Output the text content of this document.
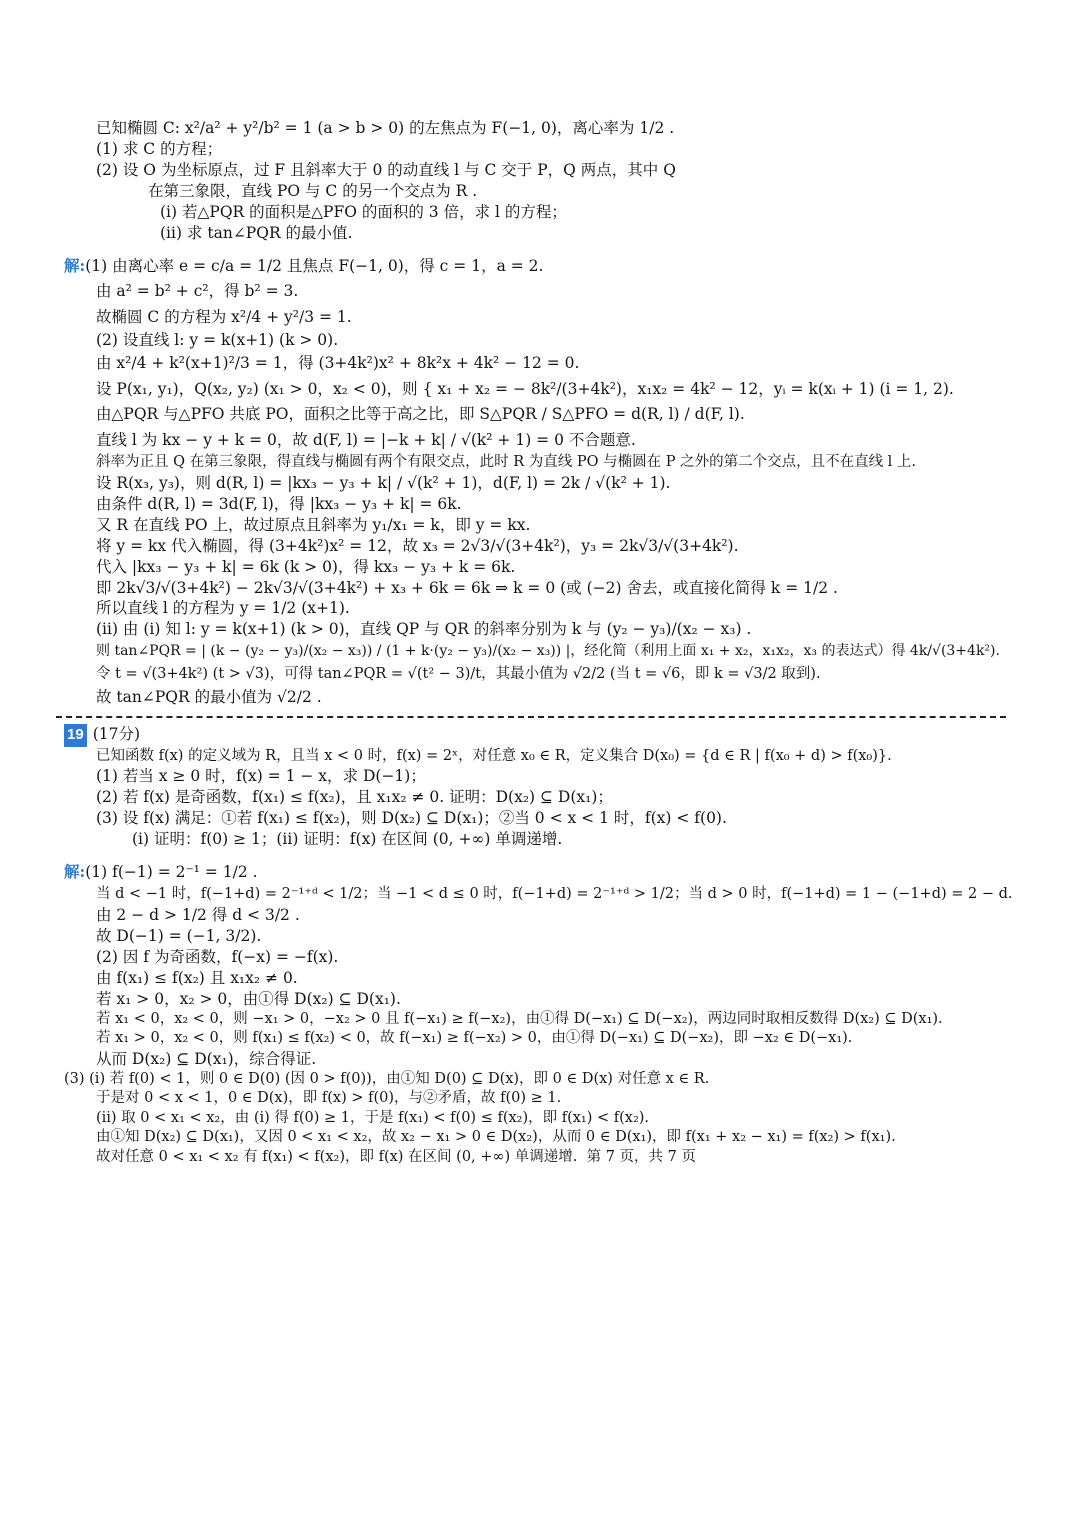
已知椭圆 C: x²/a² + y²/b² = 1 (a > b > 0) 的左焦点为 F(−1, 0)，离心率为 1/2 .
(1) 求 C 的方程；
(2) 设 O 为坐标原点，过 F 且斜率大于 0 的动直线 l 与 C 交于 P，Q 两点，其中 Q
在第三象限，直线 PO 与 C 的另一个交点为 R .
(ⅰ) 若△PQR 的面积是△PFO 的面积的 3 倍，求 l 的方程；
(ⅱ) 求 tan∠PQR 的最小值.
解:(1) 由离心率 e = c/a = 1/2 且焦点 F(−1, 0)，得 c = 1，a = 2.
由 a² = b² + c²，得 b² = 3.
故椭圆 C 的方程为 x²/4 + y²/3 = 1.
(2) 设直线 l: y = k(x+1) (k > 0).
由 x²/4 + k²(x+1)²/3 = 1，得 (3+4k²)x² + 8k²x + 4k² − 12 = 0.
设 P(x₁, y₁)，Q(x₂, y₂) (x₁ > 0，x₂ < 0)，则 { x₁ + x₂ = − 8k²/(3+4k²)，x₁x₂ = 4k² − 12，yᵢ = k(xᵢ + 1) (i = 1, 2).
由△PQR 与△PFO 共底 PO，面积之比等于高之比，即 S△PQR / S△PFO = d(R, l) / d(F, l).
直线 l 为 kx − y + k = 0，故 d(F, l) = |−k + k| / √(k² + 1) = 0 不合题意.
斜率为正且 Q 在第三象限，得直线与椭圆有两个有限交点，此时 R 为直线 PO 与椭圆在 P 之外的第二个交点，且不在直线 l 上.
设 R(x₃, y₃)，则 d(R, l) = |kx₃ − y₃ + k| / √(k² + 1)，d(F, l) = 2k / √(k² + 1).
由条件 d(R, l) = 3d(F, l)，得 |kx₃ − y₃ + k| = 6k.
又 R 在直线 PO 上，故过原点且斜率为 y₁/x₁ = k，即 y = kx.
将 y = kx 代入椭圆，得 (3+4k²)x² = 12，故 x₃ = 2√3/√(3+4k²)，y₃ = 2k√3/√(3+4k²).
代入 |kx₃ − y₃ + k| = 6k (k > 0)，得 kx₃ − y₃ + k = 6k.
即 2k√3/√(3+4k²) − 2k√3/√(3+4k²) + x₃ + 6k = 6k ⇒ k = 0 (或 (−2) 舍去，或直接化简得 k = 1/2 .
所以直线 l 的方程为 y = 1/2 (x+1).
(ⅱ) 由 (ⅰ) 知 l: y = k(x+1) (k > 0)，直线 QP 与 QR 的斜率分别为 k 与 (y₂ − y₃)/(x₂ − x₃) .
则 tan∠PQR = | (k − (y₂ − y₃)/(x₂ − x₃)) / (1 + k·(y₂ − y₃)/(x₂ − x₃)) |，经化简（利用上面 x₁ + x₂，x₁x₂，x₃ 的表达式）得 4k/√(3+4k²).
令 t = √(3+4k²) (t > √3)，可得 tan∠PQR = √(t² − 3)/t，其最小值为 √2/2 (当 t = √6，即 k = √3/2 取到).
故 tan∠PQR 的最小值为 √2/2 .
19 (17分)
已知函数 f(x) 的定义域为 R，且当 x < 0 时，f(x) = 2ˣ，对任意 x₀ ∈ R，定义集合 D(x₀) = {d ∈ R | f(x₀ + d) > f(x₀)}.
(1) 若当 x ≥ 0 时，f(x) = 1 − x，求 D(−1)；
(2) 若 f(x) 是奇函数，f(x₁) ≤ f(x₂)，且 x₁x₂ ≠ 0. 证明：D(x₂) ⊆ D(x₁)；
(3) 设 f(x) 满足：①若 f(x₁) ≤ f(x₂)，则 D(x₂) ⊆ D(x₁)；②当 0 < x < 1 时，f(x) < f(0).
(ⅰ) 证明：f(0) ≥ 1；(ⅱ) 证明：f(x) 在区间 (0, +∞) 单调递增.
解:(1) f(−1) = 2⁻¹ = 1/2 .
当 d < −1 时，f(−1+d) = 2⁻¹⁺ᵈ < 1/2；当 −1 < d ≤ 0 时，f(−1+d) = 2⁻¹⁺ᵈ > 1/2；当 d > 0 时，f(−1+d) = 1 − (−1+d) = 2 − d.
由 2 − d > 1/2 得 d < 3/2 .
故 D(−1) = (−1, 3/2).
(2) 因 f 为奇函数，f(−x) = −f(x).
由 f(x₁) ≤ f(x₂) 且 x₁x₂ ≠ 0.
若 x₁ > 0，x₂ > 0，由①得 D(x₂) ⊆ D(x₁).
若 x₁ < 0，x₂ < 0，则 −x₁ > 0，−x₂ > 0 且 f(−x₁) ≥ f(−x₂)，由①得 D(−x₁) ⊆ D(−x₂)，两边同时取相反数得 D(x₂) ⊆ D(x₁).
若 x₁ > 0，x₂ < 0，则 f(x₁) ≤ f(x₂) < 0，故 f(−x₁) ≥ f(−x₂) > 0，由①得 D(−x₁) ⊆ D(−x₂)，即 −x₂ ∈ D(−x₁).
从而 D(x₂) ⊆ D(x₁)，综合得证.
(3) (ⅰ) 若 f(0) < 1，则 0 ∈ D(0) (因 0 > f(0))，由①知 D(0) ⊆ D(x)，即 0 ∈ D(x) 对任意 x ∈ R.
于是对 0 < x < 1，0 ∈ D(x)，即 f(x) > f(0)，与②矛盾，故 f(0) ≥ 1.
(ⅱ) 取 0 < x₁ < x₂，由 (ⅰ) 得 f(0) ≥ 1，于是 f(x₁) < f(0) ≤ f(x₂)，即 f(x₁) < f(x₂).
由①知 D(x₂) ⊆ D(x₁)，又因 0 < x₁ < x₂，故 x₂ − x₁ > 0 ∈ D(x₂)，从而 0 ∈ D(x₁)，即 f(x₁ + x₂ − x₁) = f(x₂) > f(x₁).
故对任意 0 < x₁ < x₂ 有 f(x₁) < f(x₂)，即 f(x) 在区间 (0, +∞) 单调递增. 第 7 页，共 7 页
